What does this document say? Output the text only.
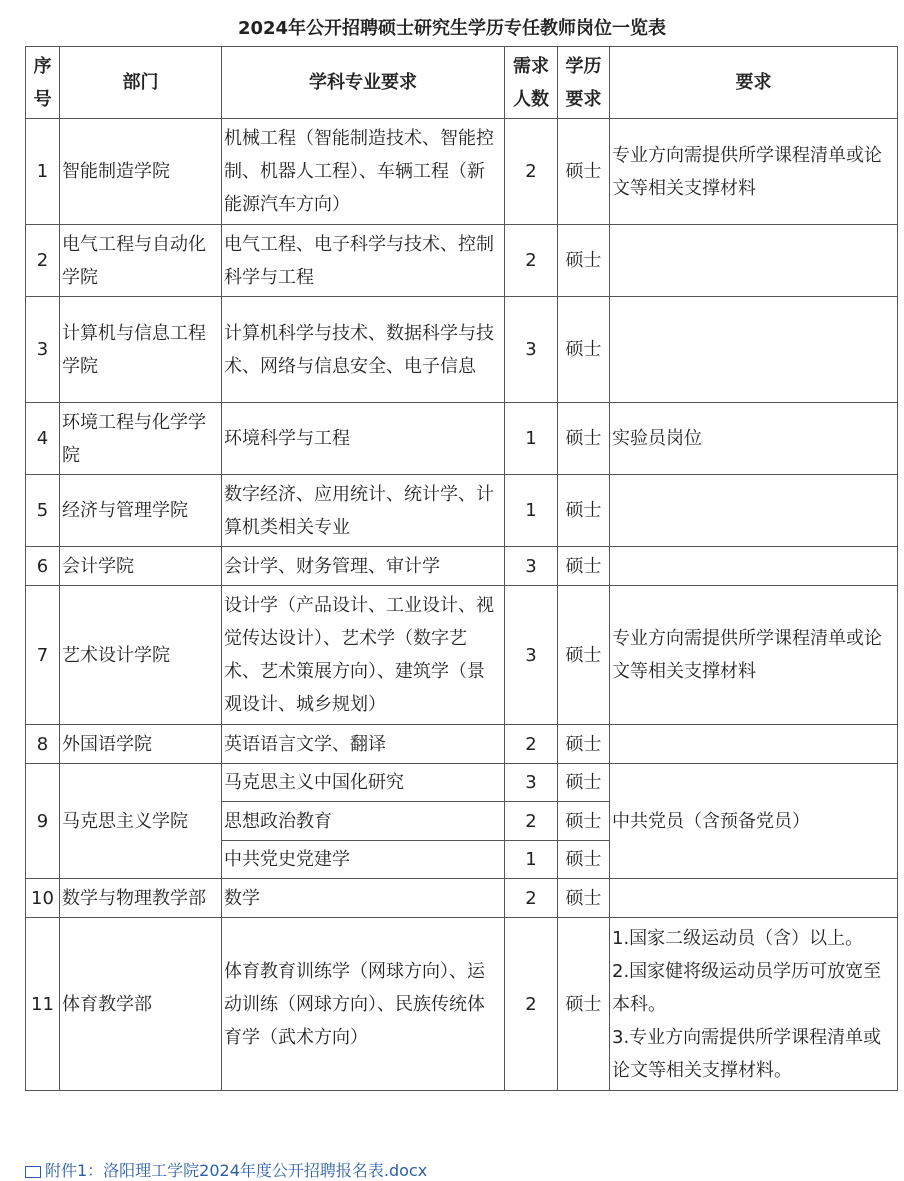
2024年公开招聘硕士研究生学历专任教师岗位一览表
序号	部门	学科专业要求	需求人数	学历要求	要求
1	智能制造学院	机械工程（智能制造技术、智能控制、机器人工程）、车辆工程（新能源汽车方向）	2	硕士	专业方向需提供所学课程清单或论文等相关支撑材料
2	电气工程与自动化学院	电气工程、电子科学与技术、控制科学与工程	2	硕士	
3	计算机与信息工程学院	计算机科学与技术、数据科学与技术、网络与信息安全、电子信息	3	硕士	
4	环境工程与化学学院	环境科学与工程	1	硕士	实验员岗位
5	经济与管理学院	数字经济、应用统计、统计学、计算机类相关专业	1	硕士	
6	会计学院	会计学、财务管理、审计学	3	硕士	
7	艺术设计学院	设计学（产品设计、工业设计、视觉传达设计）、艺术学（数字艺术、艺术策展方向）、建筑学（景观设计、城乡规划）	3	硕士	专业方向需提供所学课程清单或论文等相关支撑材料
8	外国语学院	英语语言文学、翻译	2	硕士	
9	马克思主义学院	马克思主义中国化研究	3	硕士	中共党员（含预备党员）
		思想政治教育	2	硕士	
		中共党史党建学	1	硕士	
10	数学与物理教学部	数学	2	硕士	
11	体育教学部	体育教育训练学（网球方向）、运动训练（网球方向）、民族传统体育学（武术方向）	2	硕士	1.国家二级运动员（含）以上。
2.国家健将级运动员学历可放宽至本科。
3.专业方向需提供所学课程清单或论文等相关支撑材料。
附件1：洛阳理工学院2024年度公开招聘报名表.docx
